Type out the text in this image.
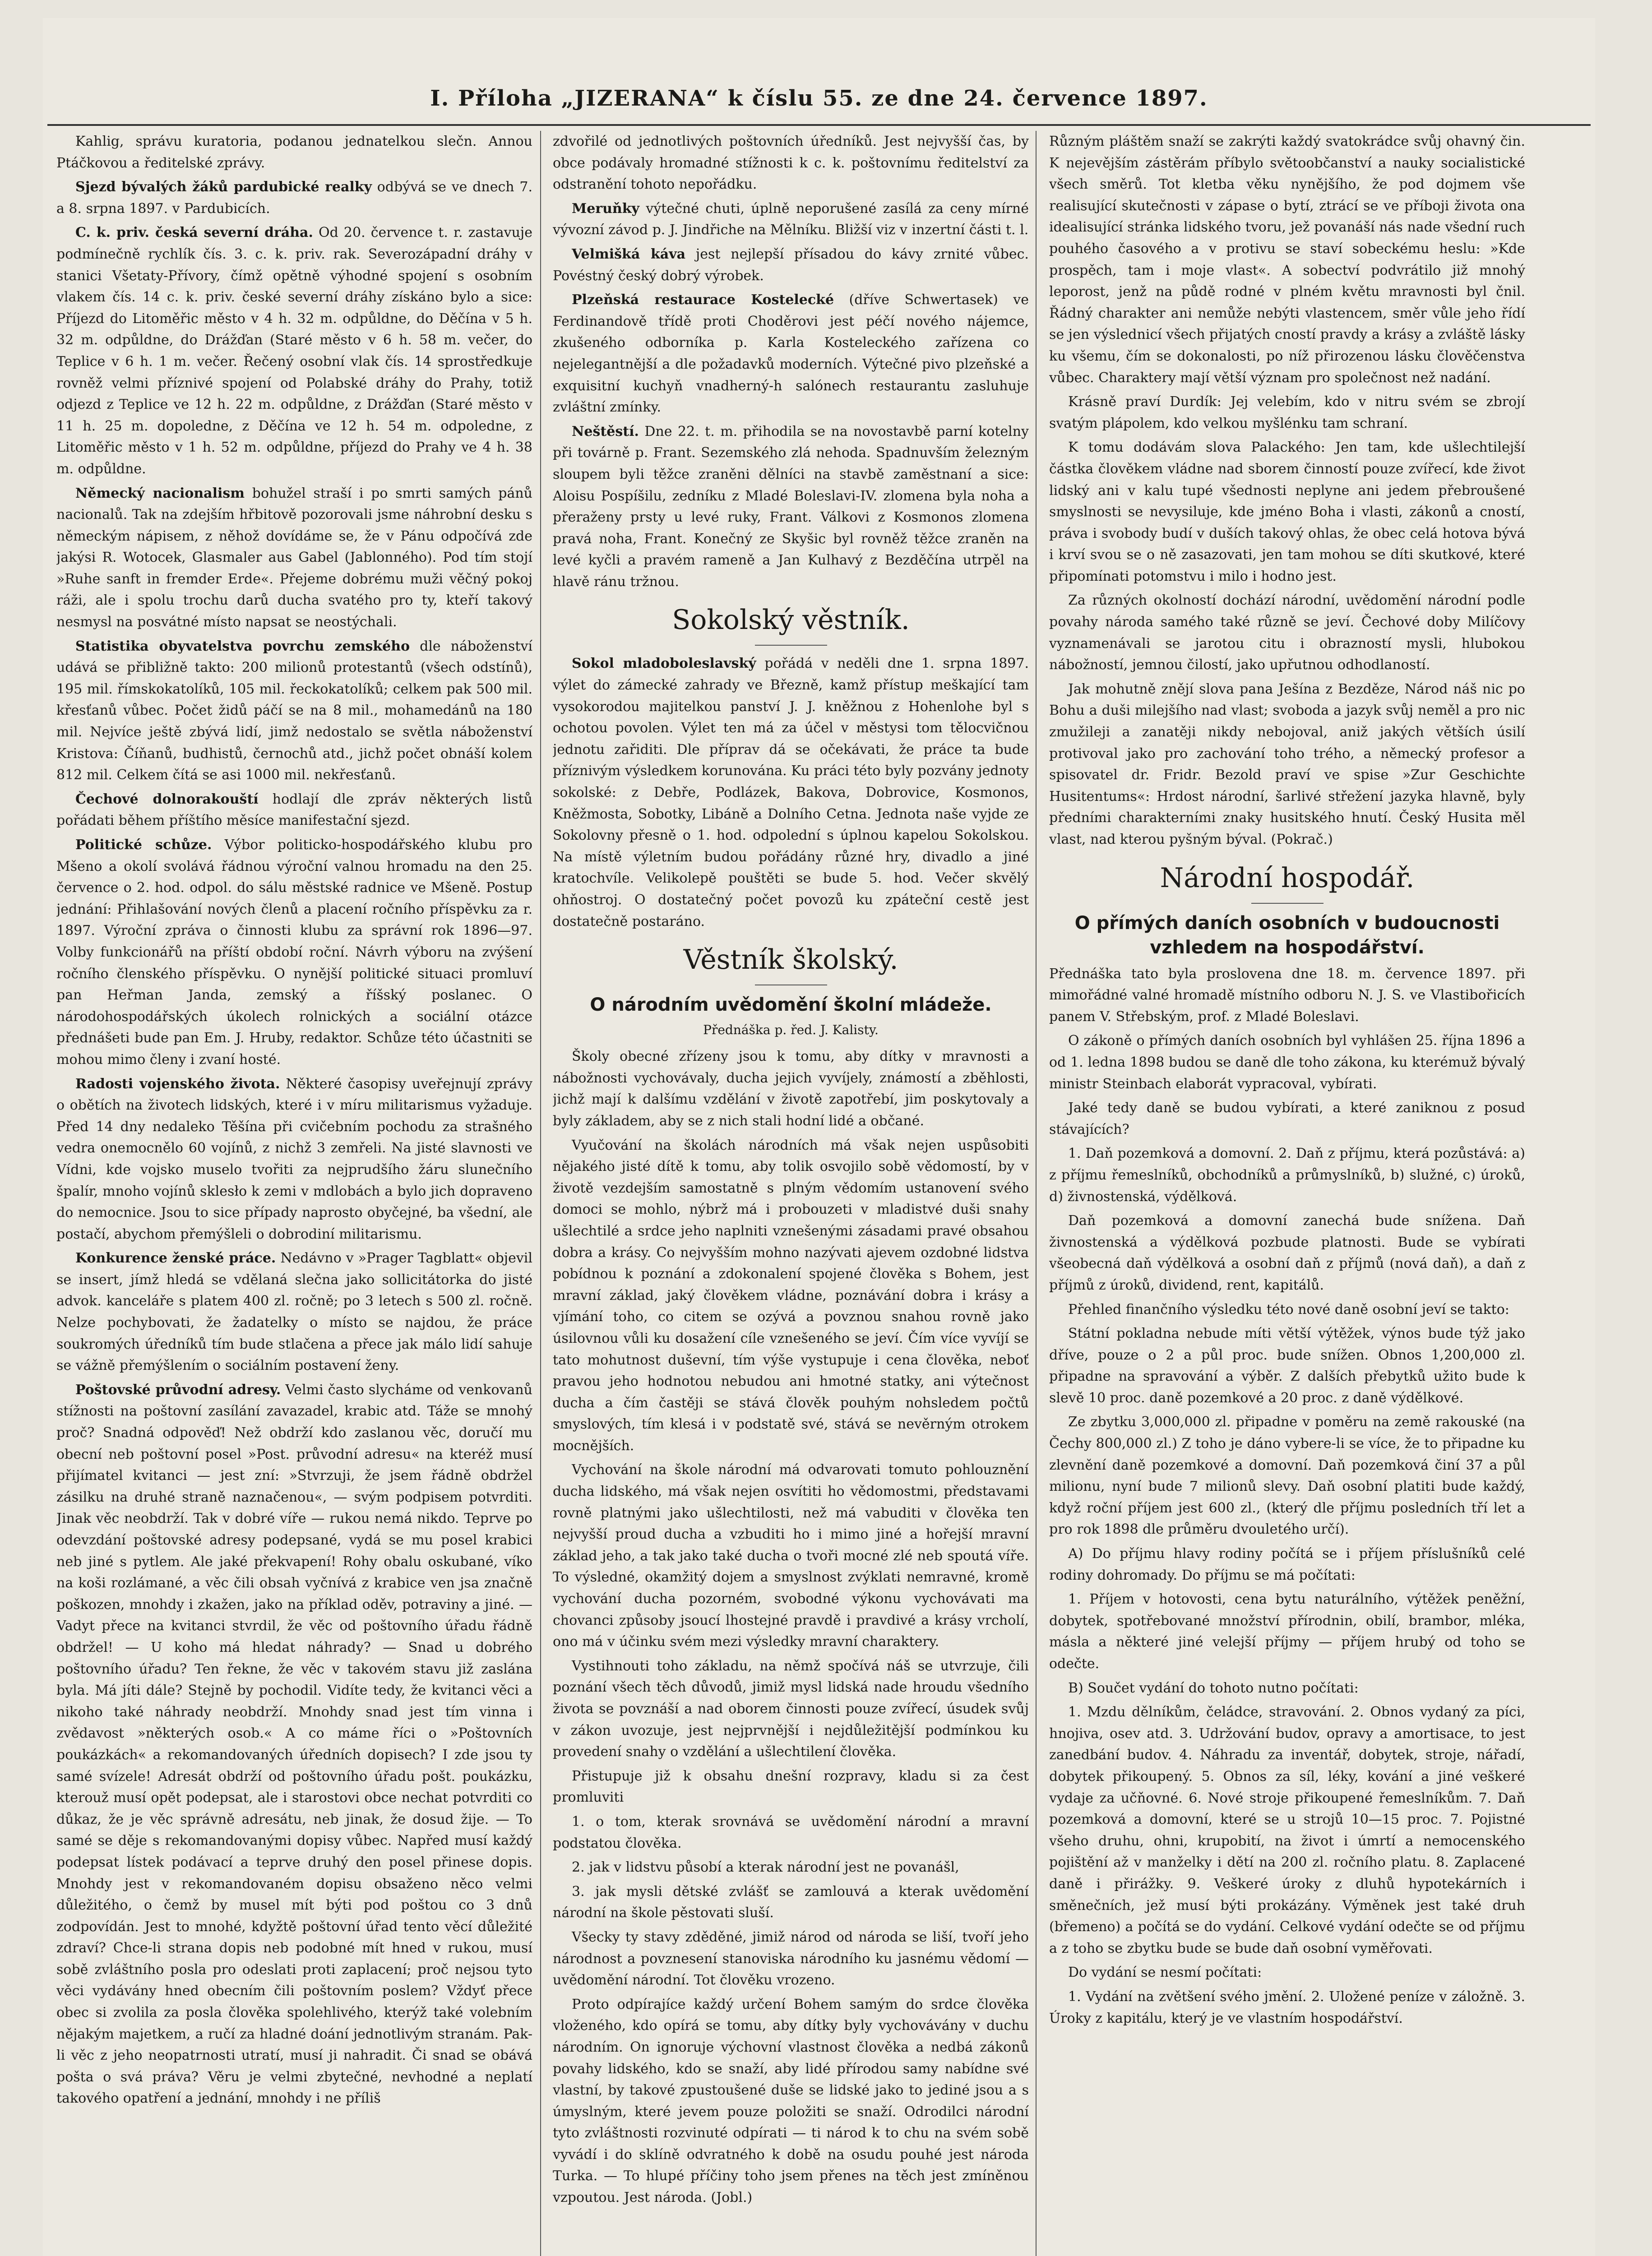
I. Příloha „JIZERANA“ k číslu 55. ze dne 24. července 1897.

Kahlig, správu kuratoria, podanou jednatelkou slečn. Annou Ptáčkovou a ředitelské zprávy.

Sjezd bývalých žáků pardubické realky odbývá se ve dnech 7. a 8. srpna 1897. v Pardubicích.

C. k. priv. česká severní dráha. Od 20. července t. r. zastavuje podmínečně rychlík čís. 3. c. k. priv. rak. Severozápadní dráhy v stanici Všetaty-Přívory, čímž opětně výhodné spojení s osobním vlakem čís. 14 c. k. priv. české severní dráhy získáno bylo a sice: Příjezd do Litoměřic město v 4 h. 32 m. odpůldne, do Děčína v 5 h. 32 m. odpůldne, do Drážďan (Staré město v 6 h. 58 m. večer, do Teplice v 6 h. 1 m. večer. Řečený osobní vlak čís. 14 sprostředkuje rovněž velmi příznivé spojení od Polabské dráhy do Prahy, totiž odjezd z Teplice ve 12 h. 22 m. odpůldne, z Drážďan (Staré město v 11 h. 25 m. dopoledne, z Děčína ve 12 h. 54 m. odpoledne, z Litoměřic město v 1 h. 52 m. odpůldne, příjezd do Prahy ve 4 h. 38 m. odpůldne.

Německý nacionalism bohužel straší i po smrti samých pánů nacionalů. Tak na zdejším hřbitově pozorovali jsme náhrobní desku s německým nápisem, z něhož dovídáme se, že v Pánu odpočívá zde jakýsi R. Wotocek, Glasmaler aus Gabel (Jablonného). Pod tím stojí »Ruhe sanft in fremder Erde«. Přejeme dobrému muži věčný pokoj ráži, ale i spolu trochu darů ducha svatého pro ty, kteří takový nesmysl na posvátné místo napsat se neostýchali.

Statistika obyvatelstva povrchu zemského dle náboženství udává se přibližně takto: 200 milionů protestantů (všech odstínů), 195 mil. římskokatolíků, 105 mil. řeckokatolíků; celkem pak 500 mil. křesťanů vůbec. Počet židů páčí se na 8 mil., mohamedánů na 180 mil. Nejvíce ještě zbývá lidí, jimž nedostalo se světla náboženství Kristova: Číňanů, budhistů, černochů atd., jichž počet obnáší kolem 812 mil. Celkem čítá se asi 1000 mil. nekřesťanů.

Čechové dolnorakouští hodlají dle zpráv některých listů pořádati během příštího měsíce manifestační sjezd.

Politické schůze. Výbor politicko-hospodářského klubu pro Mšeno a okolí svolává řádnou výroční valnou hromadu na den 25. července o 2. hod. odpol. do sálu městské radnice ve Mšeně. Postup jednání: Přihlašování nových členů a placení ročního příspěvku za r. 1897. Výroční zpráva o činnosti klubu za správní rok 1896—97. Volby funkcionářů na příští období roční. Návrh výboru na zvýšení ročního členského příspěvku. O nynější politické situaci promluví pan Heřman Janda, zemský a říšský poslanec. O národohospodářských úkolech rolnických a sociální otázce přednášeti bude pan Em. J. Hruby, redaktor. Schůze této účastniti se mohou mimo členy i zvaní hosté.

Radosti vojenského života. Některé časopisy uveřejnují zprávy o obětích na životech lidských, které i v míru militarismus vyžaduje. Před 14 dny nedaleko Těšína při cvičebním pochodu za strašného vedra onemocnělo 60 vojínů, z nichž 3 zemřeli. Na jisté slavnosti ve Vídni, kde vojsko muselo tvořiti za nejprudšího žáru slunečního špalír, mnoho vojínů sklesło k zemi v mdlobách a bylo jich dopraveno do nemocnice. Jsou to sice případy naprosto obyčejné, ba všední, ale postačí, abychom přemýšleli o dobrodiní militarismu.

Konkurence ženské práce. Nedávno v »Prager Tagblatt« objevil se insert, jímž hledá se vdělaná slečna jako sollicitátorka do jisté advok. kanceláře s platem 400 zl. ročně; po 3 letech s 500 zl. ročně. Nelze pochybovati, že žadatelky o místo se najdou, že práce soukromých úředníků tím bude stlačena a přece jak málo lidí sahuje se vážně přemýšlením o sociálním postavení ženy.

Poštovské průvodní adresy. Velmi často slycháme od venkovanů stížnosti na poštovní zasílání zavazadel, krabic atd. Táže se mnohý proč? Snadná odpověď! Než obdrží kdo zaslanou věc, doručí mu obecní neb poštovní posel »Post. průvodní adresu« na kteréž musí přijímatel kvitanci — jest zní: »Stvrzuji, že jsem řádně obdržel zásilku na druhé straně naznačenou«, — svým podpisem potvrditi. Jinak věc neobdrží. Tak v dobré víře — rukou nemá nikdo. Teprve po odevzdání poštovské adresy podepsané, vydá se mu posel krabici neb jiné s pytlem. Ale jaké překvapení! Rohy obalu oskubané, víko na koši rozlámané, a věc čili obsah vyčnívá z krabice ven jsa značně poškozen, mnohdy i zkažen, jako na příklad oděv, potraviny a jiné. — Vadyt přece na kvitanci stvrdil, že věc od poštovního úřadu řádně obdržel! — U koho má hledat náhrady? — Snad u dobrého poštovního úřadu? Ten řekne, že věc v takovém stavu již zaslána byla. Má jíti dále? Stejně by pochodil. Vidíte tedy, že kvitanci věci a nikoho také náhrady neobdrží. Mnohdy snad jest tím vinna i zvědavost »některých osob.« A co máme říci o »Poštovních poukázkách« a rekomandovaných úředních dopisech? I zde jsou ty samé svízele! Adresát obdrží od poštovního úřadu pošt. poukázku, kterouž musí opět podepsat, ale i starostovi obce nechat potvrditi co důkaz, že je věc správně adresátu, neb jinak, že dosud žije. — To samé se děje s rekomandovanými dopisy vůbec. Napřed musí každý podepsat lístek podávací a teprve druhý den posel přinese dopis. Mnohdy jest v rekomandovaném dopisu obsaženo něco velmi důležitého, o čemž by musel mít býti pod poštou co 3 dnů zodpovídán. Jest to mnohé, kdyžtě poštovní úřad tento věcí důležité zdraví? Chce-li strana dopis neb podobné mít hned v rukou, musí sobě zvláštního posla pro odeslati proti zaplacení; proč nejsou tyto věci vydávány hned obecním čili poštovním poslem? Vždyť přece obec si zvolila za posla člověka spolehlivého, kterýž také volebním nějakým majetkem, a ručí za hladné doání jednotlivým stranám. Pak-li věc z jeho neopatrnosti utratí, musí ji nahradit. Či snad se obává pošta o svá práva? Věru je velmi zbytečné, nevhodné a neplatí takového opatření a jednání, mnohdy i ne příliš

zdvořilé od jednotlivých poštovních úředníků. Jest nejvyšší čas, by obce podávaly hromadné stížnosti k c. k. poštovnímu ředitelství za odstranění tohoto nepořádku.

Meruňky výtečné chuti, úplně neporušené zasílá za ceny mírné vývozní závod p. J. Jindřiche na Mělníku. Bližší viz v inzertní části t. l.

Velmišká káva jest nejlepší přísadou do kávy zrnité vůbec. Povéstný český dobrý výrobek.

Plzeňská restaurace Kostelecké (dříve Schwertasek) ve Ferdinandově třídě proti Choděrovi jest péčí nového nájemce, zkušeného odborníka p. Karla Kosteleckého zařízena co nejelegantnější a dle požadavků moderních. Výtečné pivo plzeňské a exquisitní kuchyň vnadherný-h salónech restaurantu zasluhuje zvláštní zmínky.

Neštěstí. Dne 22. t. m. přihodila se na novostavbě parní kotelny při továrně p. Frant. Sezemského zlá nehoda. Spadnuvším železným sloupem byli těžce zraněni dělníci na stavbě zaměstnaní a sice: Aloisu Pospíšilu, zedníku z Mladé Boleslavi-IV. zlomena byla noha a přeraženy prsty u levé ruky, Frant. Válkovi z Kosmonos zlomena pravá noha, Frant. Konečný ze Skyšic byl rovněž těžce zraněn na levé kyčli a pravém rameně a Jan Kulhavý z Bezděčína utrpěl na hlavě ránu tržnou.

Sokolský věstník.

Sokol mladoboleslavský pořádá v neděli dne 1. srpna 1897. výlet do zámecké zahrady ve Březně, kamž přístup meškající tam vysokorodou majitelkou panství J. J. kněžnou z Hohenlohe byl s ochotou povolen. Výlet ten má za účel v městysi tom tělocvičnou jednotu zařiditi. Dle příprav dá se očekávati, že práce ta bude příznivým výsledkem korunována. Ku práci této byly pozvány jednoty sokolské: z Debře, Podlázek, Bakova, Dobrovice, Kosmonos, Kněžmosta, Sobotky, Libáně a Dolního Cetna. Jednota naše vyjde ze Sokolovny přesně o 1. hod. odpolední s úplnou kapelou Sokolskou. Na místě výletním budou pořádány různé hry, divadlo a jiné kratochvíle. Velikolepě pouštěti se bude 5. hod. Večer skvělý ohňostroj. O dostatečný počet povozů ku zpáteční cestě jest dostatečně postaráno.

Věstník školský.
O národním uvědomění školní mládeže.
Přednáška p. řed. J. Kalisty.

Školy obecné zřízeny jsou k tomu, aby dítky v mravnosti a nábožnosti vychovávaly, ducha jejich vyvíjely, známostí a zběhlosti, jichž mají k dalšímu vzdělání v životě zapotřebí, jim poskytovaly a byly základem, aby se z nich stali hodní lidé a občané.

Vyučování na školách národních má však nejen uspůsobiti nějakého jisté dítě k tomu, aby tolik osvojilo sobě vědomostí, by v životě vezdejším samostatně s plným vědomím ustanovení svého domoci se mohlo, nýbrž má i probouzeti v mladistvé duši snahy ušlechtilé a srdce jeho naplniti vznešenými zásadami pravé obsahou dobra a krásy. Co nejvyšším mohno nazývati ajevem ozdobné lidstva pobídnou k poznání a zdokonalení spojené člověka s Bohem, jest mravní základ, jaký člověkem vládne, poznávání dobra i krásy a vjímání toho, co citem se ozývá a povznou snahou rovně jako úsilovnou vůli ku dosažení cíle vznešeného se jeví. Čím více vyvíjí se tato mohutnost duševní, tím výše vystupuje i cena člověka, neboť pravou jeho hodnotou nebudou ani hmotné statky, ani výtečnost ducha a čím častěji se stává člověk pouhým nohsledem počtů smyslových, tím klesá i v podstatě své, stává se nevěrným otrokem mocnějších.

Vychování na škole národní má odvarovati tomuto pohlouznění ducha lidského, má však nejen osvítiti ho vědomostmi, představami rovně platnými jako ušlechtilosti, než má vabuditi v člověka ten nejvyšší proud ducha a vzbuditi ho i mimo jiné a hořejší mravní základ jeho, a tak jako také ducha o tvoři mocné zlé neb spoutá víře. To výsledné, okamžitý dojem a smyslnost zvýklati nemravné, kromě vychování ducha pozorném, svobodné výkonu vychovávati ma chovanci způsoby jsoucí lhostejné pravdě i pravdivé a krásy vrcholí, ono má v účinku svém mezi výsledky mravní charaktery.

Vystihnouti toho základu, na němž spočívá náš se utvrzuje, čili poznání všech těch důvodů, jimiž mysl lidská nade hroudu všedního života se povznáší a nad oborem činnosti pouze zvířecí, úsudek svůj v zákon uvozuje, jest nejprvnější i nejdůležitější podmínkou ku provedení snahy o vzdělání a ušlechtilení člověka.

Přistupuje již k obsahu dnešní rozpravy, kladu si za čest promluviti

1. o tom, kterak srovnává se uvědomění národní a mravní podstatou člověka.

2. jak v lidstvu působí a kterak národní jest ne povanášl,

3. jak mysli dětské zvlášť se zamlouvá a kterak uvědomění národní na škole pěstovati sluší.

Všecky ty stavy zděděné, jimiž národ od národa se liší, tvoří jeho národnost a povznesení stanoviska národního ku jasnému vědomí — uvědomění národní. Tot člověku vrozeno.

Proto odpírajíce každý určení Bohem samým do srdce člověka vloženého, kdo opírá se tomu, aby dítky byly vychovávány v duchu národním. On ignoruje výchovní vlastnost člověka a nedbá zákonů povahy lidského, kdo se snaží, aby lidé přírodou samy nabídne své vlastní, by takové zpustoušené duše se lidské jako to jediné jsou a s úmyslným, které jevem pouze položiti se snaží. Odrodilci národní tyto zvláštnosti rozvinuté odpírati — ti národ k to chu na svém sobě vyvádí i do sklíně odvratného k době na osudu pouhé jest národa Turka. — To hlupé příčiny toho jsem přenes na těch jest zmíněnou vzpoutou. Jest národa. (Jobl.)

Různým pláštěm snaží se zakrýti každý svatokrádce svůj ohavný čin. K nejevějším zástěrám příbylo světoobčanství a nauky socialistické všech směrů. Tot kletba věku nynějšího, že pod dojmem vše realisující skutečnosti v zápase o bytí, ztrácí se ve příboji života ona idealisující stránka lidského tvoru, jež povanáší nás nade všední ruch pouhého časového a v protivu se staví sobeckému heslu: »Kde prospěch, tam i moje vlast«. A sobectví podvrátilo již mnohý leporost, jenž na půdě rodné v plném květu mravnosti byl čnil. Řádný charakter ani nemůže nebýti vlastencem, směr vůle jeho řídí se jen výslednicí všech přijatých cností pravdy a krásy a zvláště lásky ku všemu, čím se dokonalosti, po níž přirozenou lásku člověčenstva vůbec. Charaktery mají větší význam pro společnost než nadání.

Krásně praví Durdík: Jej velebím, kdo v nitru svém se zbrojí svatým plápolem, kdo velkou myšlénku tam schraní.

K tomu dodávám slova Palackého: Jen tam, kde ušlechtilejší částka člověkem vládne nad sborem činností pouze zvířecí, kde život lidský ani v kalu tupé všednosti neplyne ani jedem přebroušené smyslnosti se nevysiluje, kde jméno Boha i vlasti, zákonů a cností, práva i svobody budí v duších takový ohlas, že obec celá hotova bývá i krví svou se o ně zasazovati, jen tam mohou se díti skutkové, které připomínati potomstvu i milo i hodno jest.

Za různých okolností dochází národní, uvědomění národní podle povahy národa samého také různě se jeví. Čechové doby Milíčovy vyznamenávali se jarotou citu i obrazností mysli, hlubokou nábožností, jemnou čilostí, jako upřutnou odhodlaností.

Jak mohutně znějí slova pana Ješína z Bezděze, Národ náš nic po Bohu a duši milejšího nad vlast; svoboda a jazyk svůj neměl a pro nic zmužileji a zanatěji nikdy nebojoval, aniž jakých větších úsilí protivoval jako pro zachování toho trého, a německý profesor a spisovatel dr. Fridr. Bezold praví ve spise »Zur Geschichte Husitentums«: Hrdost národní, šarlivé střežení jazyka hlavně, byly předními charakterními znaky husitského hnutí. Český Husita měl vlast, nad kterou pyšným býval. (Pokrač.)

Národní hospodář.
O přímých daních osobních v budoucnosti vzhledem na hospodářství.

Přednáška tato byla proslovena dne 18. m. července 1897. při mimořádné valné hromadě místního odboru N. J. S. ve Vlastibořicích panem V. Střebským, prof. z Mladé Boleslavi.

O zákoně o přímých daních osobních byl vyhlášen 25. října 1896 a od 1. ledna 1898 budou se daně dle toho zákona, ku kterémuž bývalý ministr Steinbach elaborát vypracoval, vybírati.

Jaké tedy daně se budou vybírati, a které zaniknou z posud stávajících?

1. Daň pozemková a domovní. 2. Daň z příjmu, která pozůstává: a) z příjmu řemeslníků, obchodníků a průmyslníků, b) služné, c) úroků, d) živnostenská, výdělková.

Daň pozemková a domovní zanechá bude snížena. Daň živnostenská a výdělková pozbude platnosti. Bude se vybírati všeobecná daň výdělková a osobní daň z příjmů (nová daň), a daň z příjmů z úroků, dividend, rent, kapitálů.

Přehled finančního výsledku této nové daně osobní jeví se takto:

Státní pokladna nebude míti větší výtěžek, výnos bude týž jako dříve, pouze o 2 a půl proc. bude snížen. Obnos 1,200,000 zl. připadne na spravování a výběr. Z dalších přebytků užito bude k slevě 10 proc. daně pozemkové a 20 proc. z daně výdělkové.

Ze zbytku 3,000,000 zl. připadne v poměru na země rakouské (na Čechy 800,000 zl.) Z toho je dáno vybere-li se více, že to připadne ku zlevnění daně pozemkové a domovní. Daň pozemková činí 37 a půl milionu, nyní bude 7 milionů slevy. Daň osobní platiti bude každý, když roční příjem jest 600 zl., (který dle příjmu posledních tří let a pro rok 1898 dle průměru dvouletého určí).

A) Do příjmu hlavy rodiny počítá se i příjem příslušníků celé rodiny dohromady. Do příjmu se má počítati:

1. Příjem v hotovosti, cena bytu naturálního, výtěžek peněžní, dobytek, spotřebované množství přírodnin, obilí, brambor, mléka, másla a některé jiné velejší příjmy — příjem hrubý od toho se odečte.

B) Součet vydání do tohoto nutno počítati:

1. Mzdu dělníkům, čeládce, stravování. 2. Obnos vydaný za píci, hnojiva, osev atd. 3. Udržování budov, opravy a amortisace, to jest zanedbání budov. 4. Náhradu za inventář, dobytek, stroje, nářadí, dobytek přikoupený. 5. Obnos za síl, léky, kování a jiné veškeré vydaje za učňovné. 6. Nové stroje přikoupené řemeslníkům. 7. Daň pozemková a domovní, které se u strojů 10—15 proc. 7. Pojistné všeho druhu, ohni, krupobití, na život i úmrtí a nemocenského pojištění až v manželky i dětí na 200 zl. ročního platu. 8. Zaplacené daně i přirážky. 9. Veškeré úroky z dluhů hypotekárních i směnečních, jež musí býti prokázány. Výměnek jest také druh (břemeno) a počítá se do vydání. Celkové vydání odečte se od příjmu a z toho se zbytku bude se bude daň osobní vyměřovati.

Do vydání se nesmí počítati:

1. Vydání na zvětšení svého jmění. 2. Uložené peníze v záložně. 3. Úroky z kapitálu, který je ve vlastním hospodářství.
